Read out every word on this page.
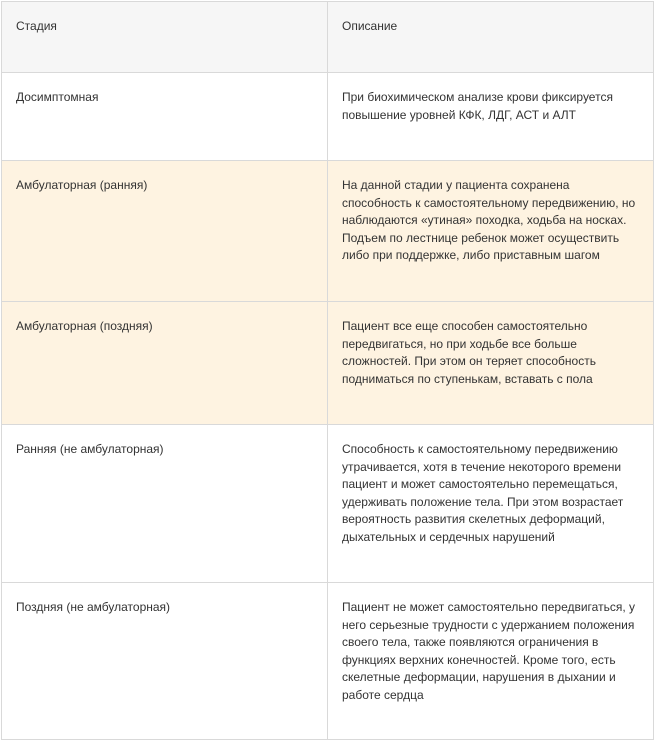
Стадия	Описание
Досимптомная	При биохимическом анализе крови фиксируется повышение уровней КФК, ЛДГ, АСТ и АЛТ
Амбулаторная (ранняя)	На данной стадии у пациента сохранена способность к самостоятельному передвижению, но наблюдаются «утиная» походка, ходьба на носках. Подъем по лестнице ребенок может осуществить либо при поддержке, либо приставным шагом
Амбулаторная (поздняя)	Пациент все еще способен самостоятельно передвигаться, но при ходьбе все больше сложностей. При этом он теряет способность подниматься по ступенькам, вставать с пола
Ранняя (не амбулаторная)	Способность к самостоятельному передвижению утрачивается, хотя в течение некоторого времени пациент и может самостоятельно перемещаться, удерживать положение тела. При этом возрастает вероятность развития скелетных деформаций, дыхательных и сердечных нарушений
Поздняя (не амбулаторная)	Пациент не может самостоятельно передвигаться, у него серьезные трудности с удержанием положения своего тела, также появляются ограничения в функциях верхних конечностей. Кроме того, есть скелетные деформации, нарушения в дыхании и работе сердца
